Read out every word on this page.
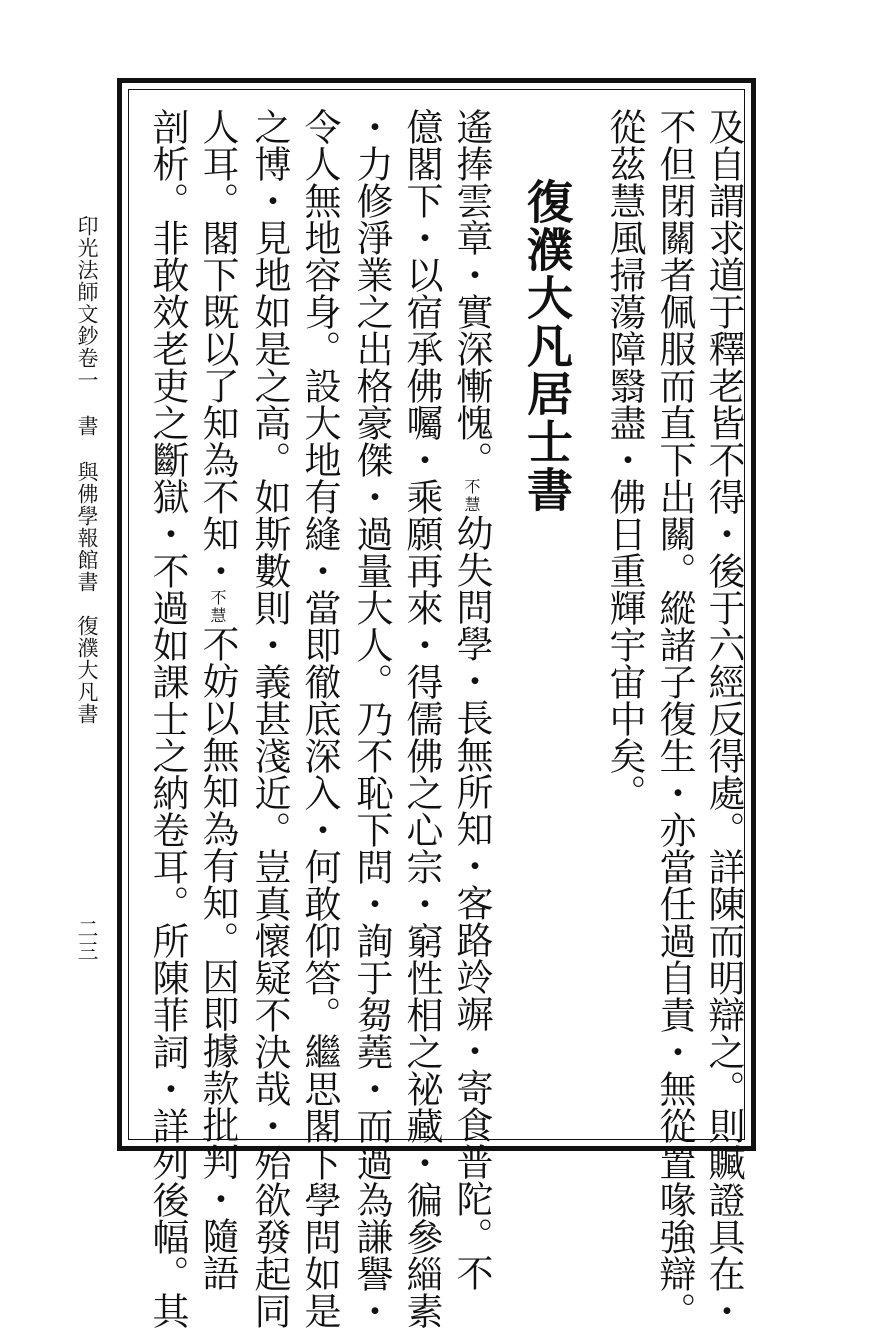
及自謂求道于釋老皆不得・後于六經反得處。詳陳而明辯之。則贓證具在・
不但閉關者佩服而直下出關。縱諸子復生・亦當任過自責・無從置喙強辯。
從茲慧風掃蕩障翳盡・佛日重輝宇宙中矣。
復濮大凡居士書
遙捧雲章・實深慚愧。不慧幼失問學・長無所知・客路竛竮・寄食普陀。不
億閣下・以宿承佛囑・乘願再來・得儒佛之心宗・窮性相之祕藏・徧參緇素
・力修淨業之出格豪傑・過量大人。乃不恥下問・詢于芻蕘・而過為謙譽・
令人無地容身。設大地有縫・當即徹底深入・何敢仰答。繼思閣下學問如是
之博・見地如是之高。如斯數則・義甚淺近。豈真懷疑不決哉・殆欲發起同
人耳。閣下既以了知為不知・不慧不妨以無知為有知。因即據款批判・隨語
剖析。非敢效老吏之斷獄・不過如課士之納卷耳。所陳菲詞・詳列後幅。其
印光法師文鈔卷一書與佛學報館書　復濮大凡書
二三
